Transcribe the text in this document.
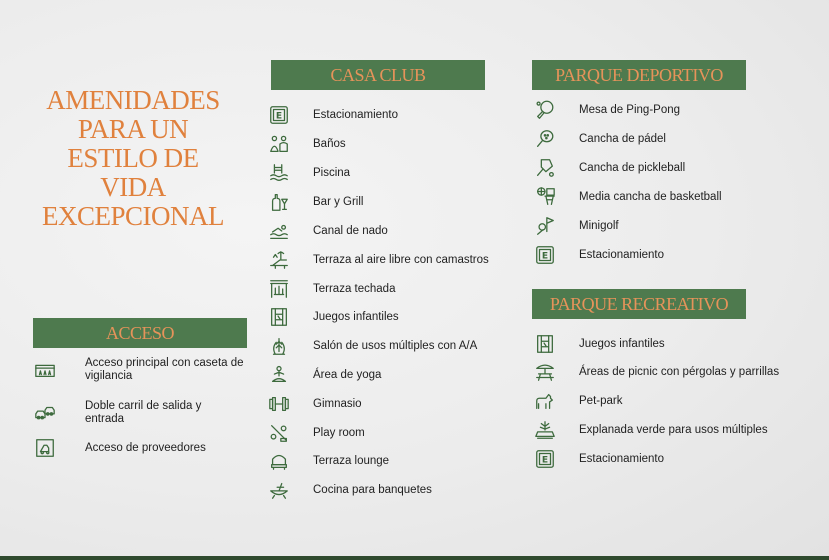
AMENIDADES
PARA UN
ESTILO DE
VIDA
EXCEPCIONAL
ACCESO
CASA CLUB	PARQUE DEPORTIVO
PARQUE RECREATIVO
Acceso principal con caseta de vigilancia
Doble carril de salida y entrada
Acceso de proveedores
E	Estacionamiento
Baños
Piscina
Bar y Grill
Canal de nado
Terraza al aire libre con camastros
Terraza techada
Juegos infantiles
Salón de usos múltiples con A/A
Área de yoga
Gimnasio
Play room
Terraza lounge
Cocina para banquetes
Mesa de Ping-Pong
Cancha de pádel
Cancha de pickleball
Media cancha de basketball
Minigolf
E	Estacionamiento
Juegos infantiles
Áreas de picnic con pérgolas y parrillas
Pet-park
Explanada verde para usos múltiples
E	Estacionamiento
